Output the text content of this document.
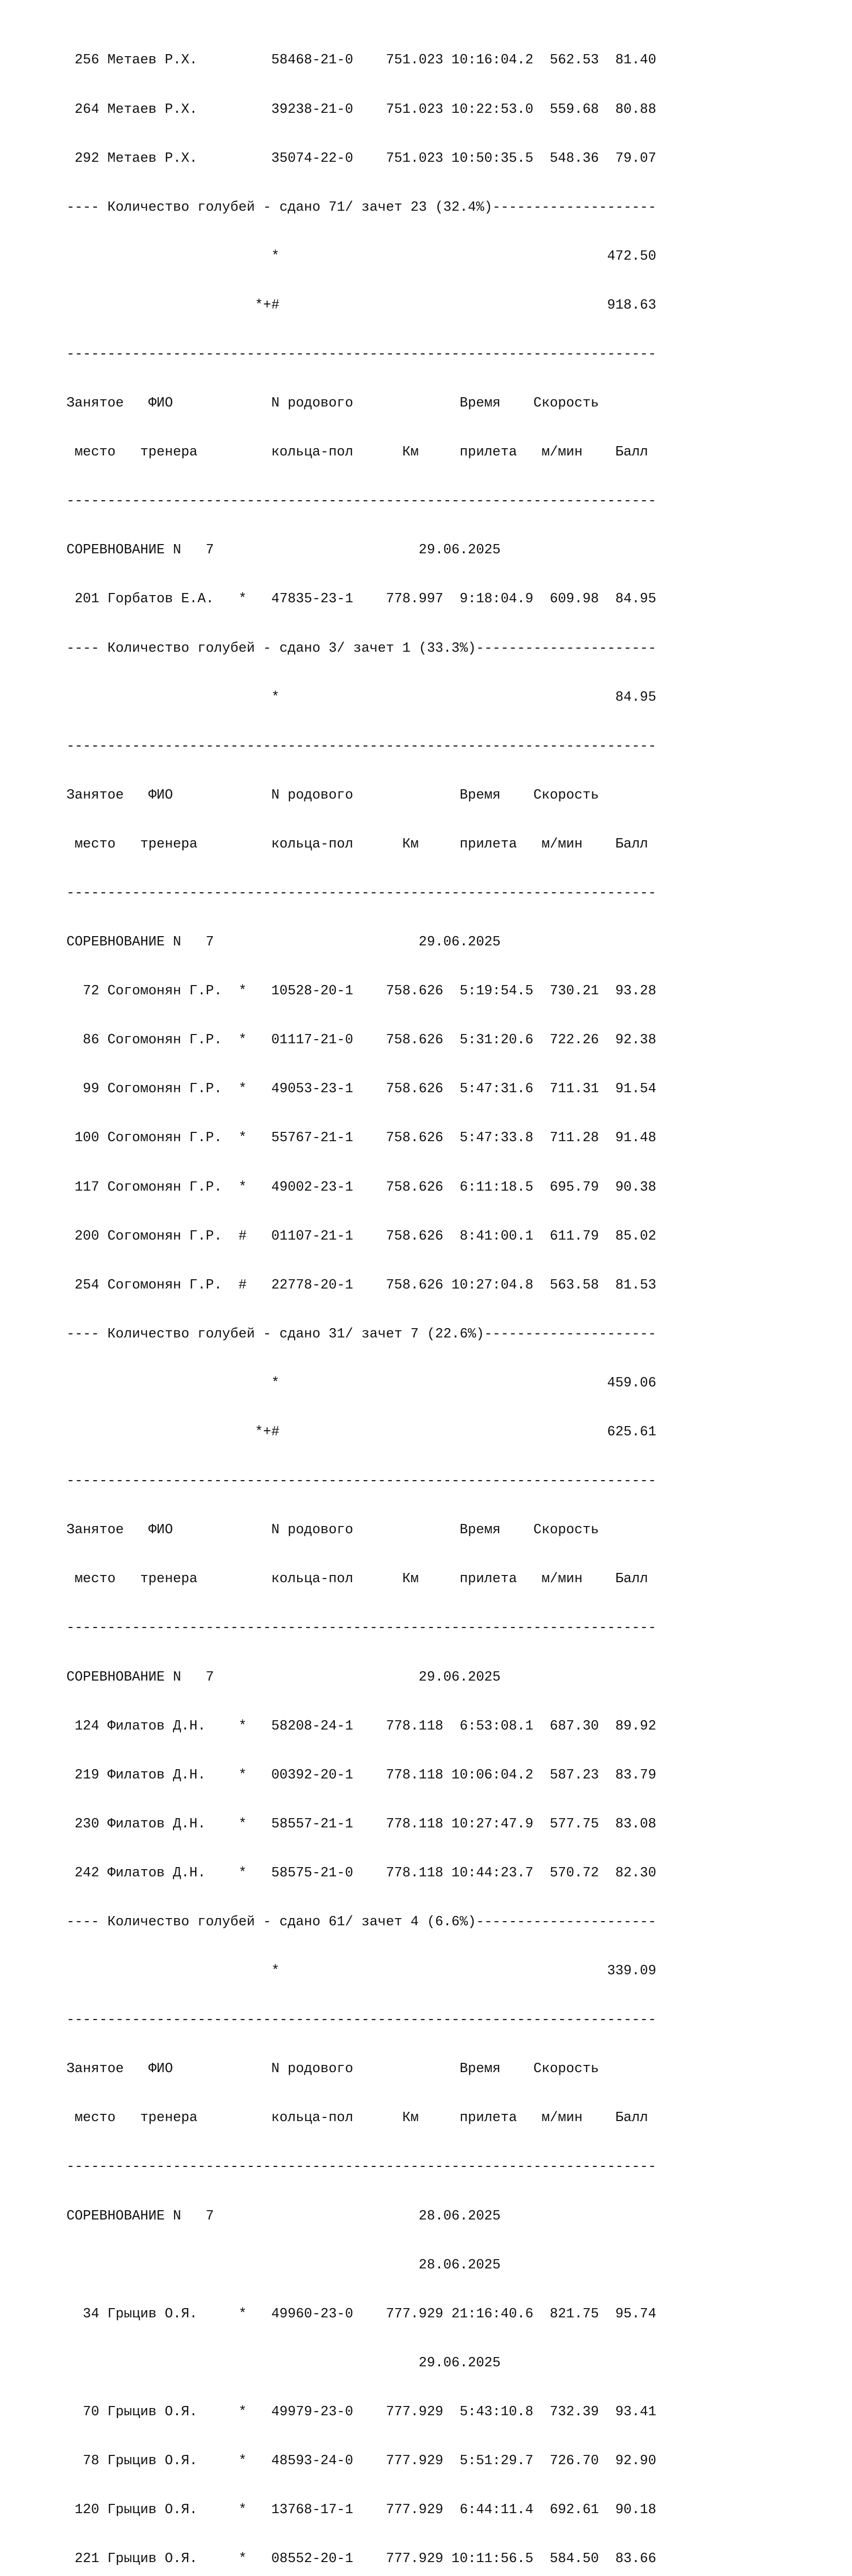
256 Метаев Р.Х.         58468-21-0    751.023 10:16:04.2  562.53  81.40

264 Метаев Р.Х.         39238-21-0    751.023 10:22:53.0  559.68  80.88

292 Метаев Р.Х.         35074-22-0    751.023 10:50:35.5  548.36  79.07

---- Количество голубей - сдано 71/ зачет 23 (32.4%)--------------------

*                                        472.50

*+#                                        918.63

------------------------------------------------------------------------

Занятое   ФИО            N родового             Время    Скорость

место   тренера         кольца-пол      Км     прилета   м/мин    Балл

------------------------------------------------------------------------

СОРЕВНОВАНИЕ N   7                         29.06.2025

201 Горбатов Е.А.   *   47835-23-1    778.997  9:18:04.9  609.98  84.95

---- Количество голубей - сдано 3/ зачет 1 (33.3%)----------------------

*                                         84.95

------------------------------------------------------------------------

Занятое   ФИО            N родового             Время    Скорость

место   тренера         кольца-пол      Км     прилета   м/мин    Балл

------------------------------------------------------------------------

СОРЕВНОВАНИЕ N   7                         29.06.2025

72 Согомонян Г.Р.  *   10528-20-1    758.626  5:19:54.5  730.21  93.28

86 Согомонян Г.Р.  *   01117-21-0    758.626  5:31:20.6  722.26  92.38

99 Согомонян Г.Р.  *   49053-23-1    758.626  5:47:31.6  711.31  91.54

100 Согомонян Г.Р.  *   55767-21-1    758.626  5:47:33.8  711.28  91.48

117 Согомонян Г.Р.  *   49002-23-1    758.626  6:11:18.5  695.79  90.38

200 Согомонян Г.Р.  #   01107-21-1    758.626  8:41:00.1  611.79  85.02

254 Согомонян Г.Р.  #   22778-20-1    758.626 10:27:04.8  563.58  81.53

---- Количество голубей - сдано 31/ зачет 7 (22.6%)---------------------

*                                        459.06

*+#                                        625.61

------------------------------------------------------------------------

Занятое   ФИО            N родового             Время    Скорость

место   тренера         кольца-пол      Км     прилета   м/мин    Балл

------------------------------------------------------------------------

СОРЕВНОВАНИЕ N   7                         29.06.2025

124 Филатов Д.Н.    *   58208-24-1    778.118  6:53:08.1  687.30  89.92

219 Филатов Д.Н.    *   00392-20-1    778.118 10:06:04.2  587.23  83.79

230 Филатов Д.Н.    *   58557-21-1    778.118 10:27:47.9  577.75  83.08

242 Филатов Д.Н.    *   58575-21-0    778.118 10:44:23.7  570.72  82.30

---- Количество голубей - сдано 61/ зачет 4 (6.6%)----------------------

*                                        339.09

------------------------------------------------------------------------

Занятое   ФИО            N родового             Время    Скорость

место   тренера         кольца-пол      Км     прилета   м/мин    Балл

------------------------------------------------------------------------

СОРЕВНОВАНИЕ N   7                         28.06.2025

28.06.2025

34 Грыцив О.Я.     *   49960-23-0    777.929 21:16:40.6  821.75  95.74

29.06.2025

70 Грыцив О.Я.     *   49979-23-0    777.929  5:43:10.8  732.39  93.41

78 Грыцив О.Я.     *   48593-24-0    777.929  5:51:29.7  726.70  92.90

120 Грыцив О.Я.     *   13768-17-1    777.929  6:44:11.4  692.61  90.18

221 Грыцив О.Я.     *   08552-20-1    777.929 10:11:56.5  584.50  83.66
